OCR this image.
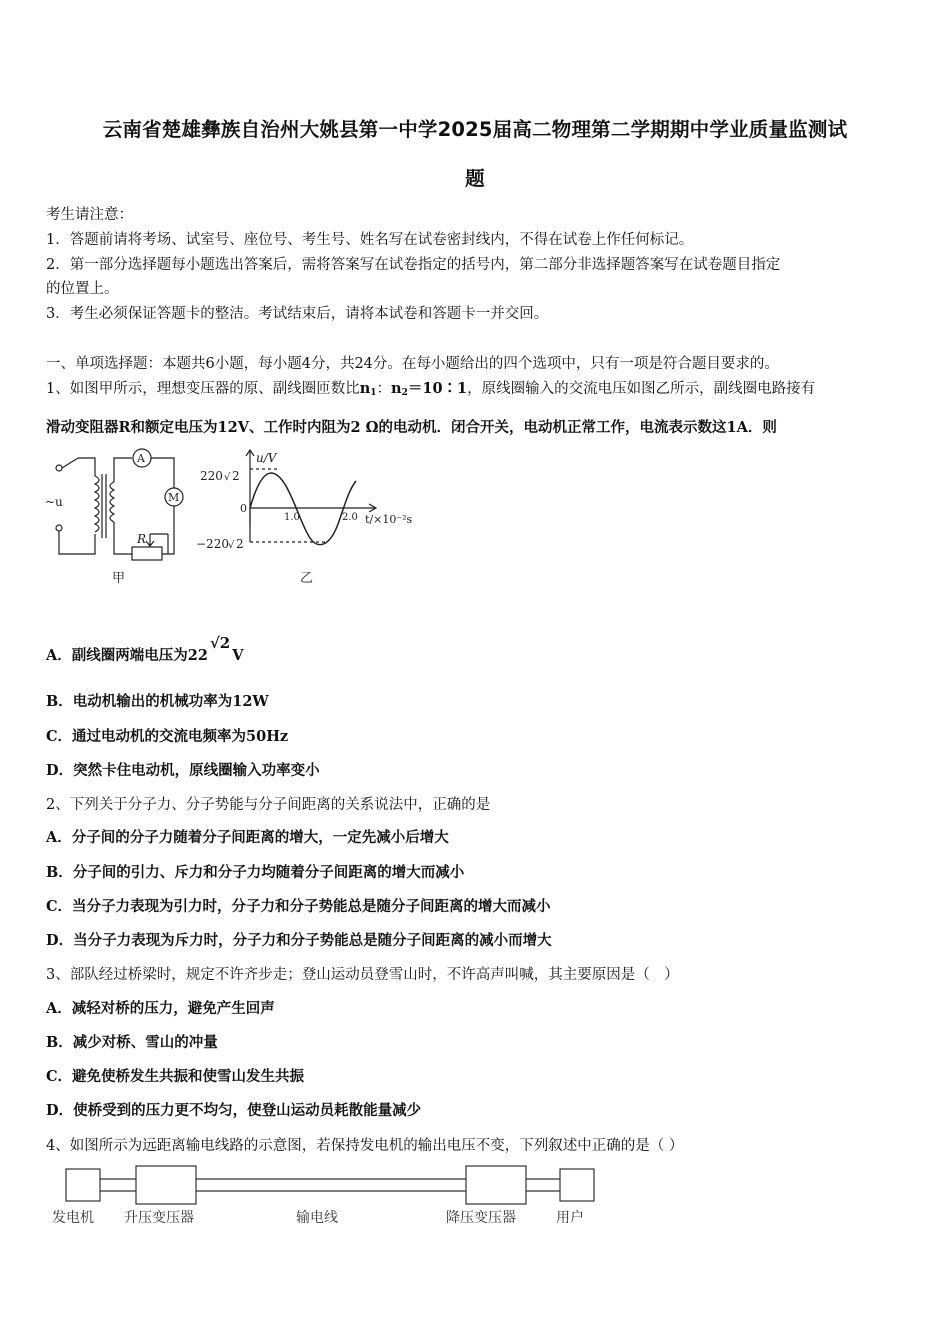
云南省楚雄彝族自治州大姚县第一中学2025届高二物理第二学期期中学业质量监测试
题
考生请注意：
1．答题前请将考场、试室号、座位号、考生号、姓名写在试卷密封线内，不得在试卷上作任何标记。
2．第一部分选择题每小题选出答案后，需将答案写在试卷指定的括号内，第二部分非选择题答案写在试卷题目指定
的位置上。
3．考生必须保证答题卡的整洁。考试结束后，请将本试卷和答题卡一并交回。
一、单项选择题：本题共6小题，每小题4分，共24分。在每小题给出的四个选项中，只有一项是符合题目要求的。
1、如图甲所示，理想变压器的原、副线圈匝数比$n_1$：$n_2=10∶1$，原线圈输入的交流电压如图乙所示，副线圈电路接有
滑动变阻器R和额定电压为12V、工作时内阻为2 Ω的电动机．闭合开关，电动机正常工作，电流表示数这1A．则
~u
A
M
R
甲	乙
u/V
t/×10⁻²s
220 √ 2
−220 √ 2
0
1.0	2.0
A．副线圈两端电压为22√2V
B．电动机输出的机械功率为12W
C．通过电动机的交流电频率为50Hz
D．突然卡住电动机，原线圈输入功率变小
2、下列关于分子力、分子势能与分子间距离的关系说法中，正确的是
A．分子间的分子力随着分子间距离的增大，一定先减小后增大
B．分子间的引力、斥力和分子力均随着分子间距离的增大而减小
C．当分子力表现为引力时，分子力和分子势能总是随分子间距离的增大而减小
D．当分子力表现为斥力时，分子力和分子势能总是随分子间距离的减小而增大
3、部队经过桥梁时，规定不许齐步走；登山运动员登雪山时，不许高声叫喊，其主要原因是（　）
A．减轻对桥的压力，避免产生回声
B．减少对桥、雪山的冲量
C．避免使桥发生共振和使雪山发生共振
D．使桥受到的压力更不均匀，使登山运动员耗散能量减少
4、如图所示为远距离输电线路的示意图，若保持发电机的输出电压不变，下列叙述中正确的是（ ）
发电机 升压变压器	输电线	降压变压器	用户
